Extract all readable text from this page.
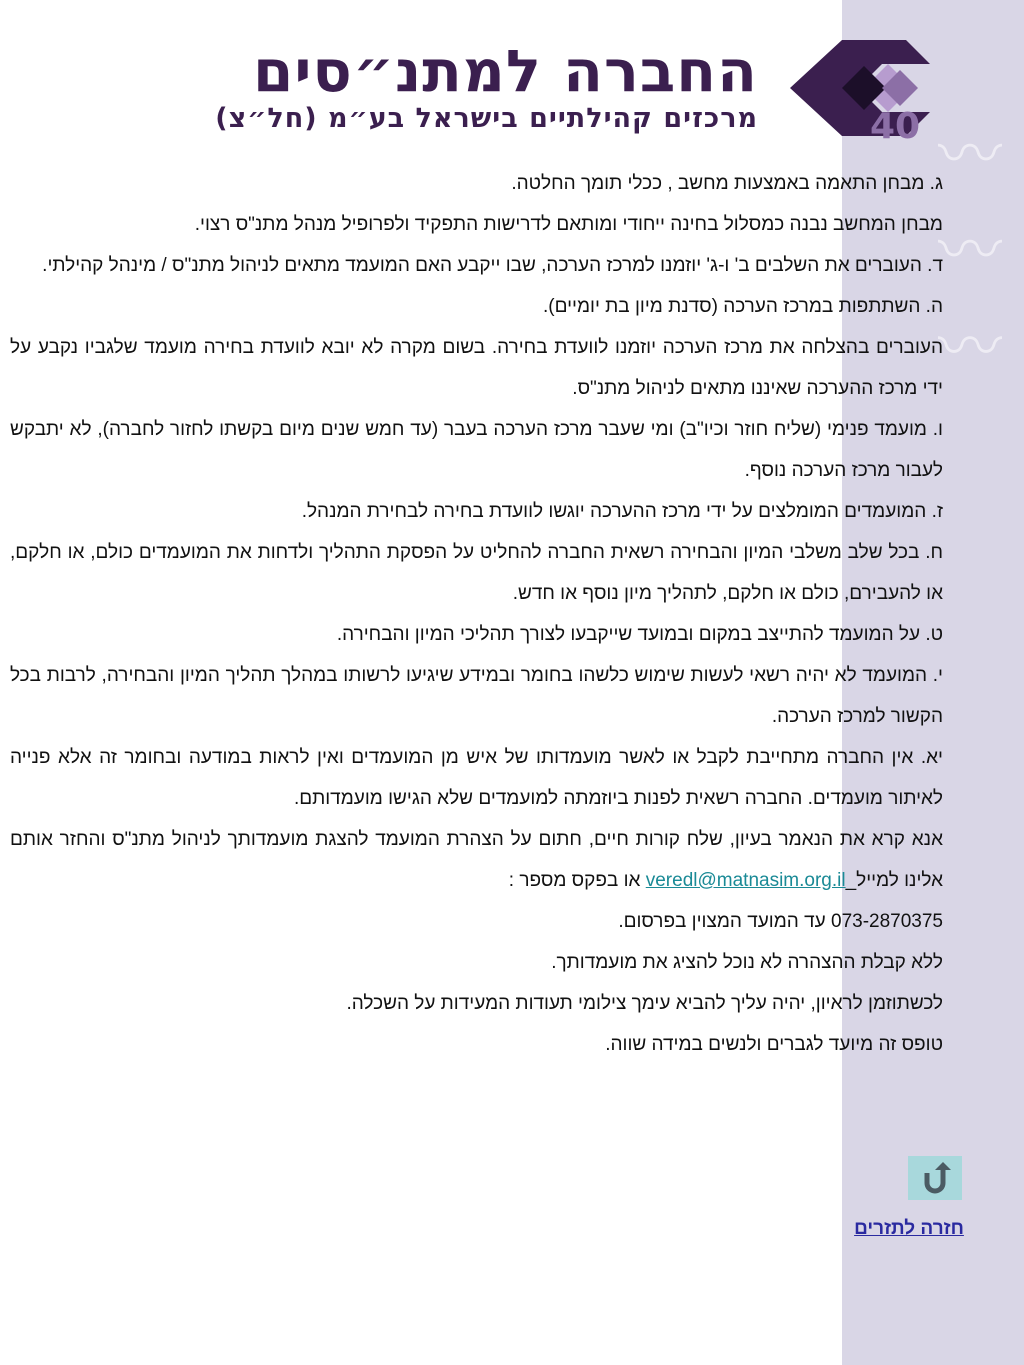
〰 〰 〰
החברה למתנ״סים
מרכזים קהילתיים בישראל בע״מ (חל״צ)	40

ג. מבחן התאמה באמצעות מחשב , ככלי תומך החלטה.

מבחן המחשב נבנה כמסלול בחינה ייחודי ומותאם לדרישות התפקיד ולפרופיל מנהל מתנ"ס רצוי.

ד. העוברים את השלבים ב' ו-ג' יוזמנו למרכז הערכה, שבו ייקבע האם המועמד מתאים לניהול מתנ"ס / מינהל קהילתי.

ה. השתתפות במרכז הערכה (סדנת מיון בת יומיים).

העוברים בהצלחה את מרכז הערכה יוזמנו לוועדת בחירה. בשום מקרה לא יובא לוועדת בחירה מועמד שלגביו נקבע על ידי מרכז ההערכה שאיננו מתאים לניהול מתנ"ס.

ו. מועמד פנימי (שליח חוזר וכיו"ב) ומי שעבר מרכז הערכה בעבר (עד חמש שנים מיום בקשתו לחזור לחברה), לא יתבקש לעבור מרכז הערכה נוסף.

ז. המועמדים המומלצים על ידי מרכז ההערכה יוגשו לוועדת בחירה לבחירת המנהל.

ח. בכל שלב משלבי המיון והבחירה רשאית החברה להחליט על הפסקת התהליך ולדחות את המועמדים כולם, או חלקם, או להעבירם, כולם או חלקם, לתהליך מיון נוסף או חדש.

ט. על המועמד להתייצב במקום ובמועד שייקבעו לצורך תהליכי המיון והבחירה.

י. המועמד לא יהיה רשאי לעשות שימוש כלשהו בחומר ובמידע שיגיעו לרשותו במהלך תהליך המיון והבחירה, לרבות בכל הקשור למרכז הערכה.

יא. אין החברה מתחייבת לקבל או לאשר מועמדותו של איש מן המועמדים ואין לראות במודעה ובחומר זה אלא פנייה לאיתור מועמדים. החברה רשאית לפנות ביוזמתה למועמדים שלא הגישו מועמדותם.

אנא קרא את הנאמר בעיון, שלח קורות חיים, חתום על הצהרת המועמד להצגת מועמדותך לניהול מתנ"ס והחזר אותם אלינו למייל_veredl@matnasim.org.il או בפקס מספר :

073-2870375 עד המועד המצוין בפרסום.

ללא קבלת ההצהרה לא נוכל להציג את מועמדותך.

לכשתוזמן לראיון, יהיה עליך להביא עימך צילומי תעודות המעידות על השכלה.

טופס זה מיועד לגברים ולנשים במידה שווה.

חזרה לתזרים
